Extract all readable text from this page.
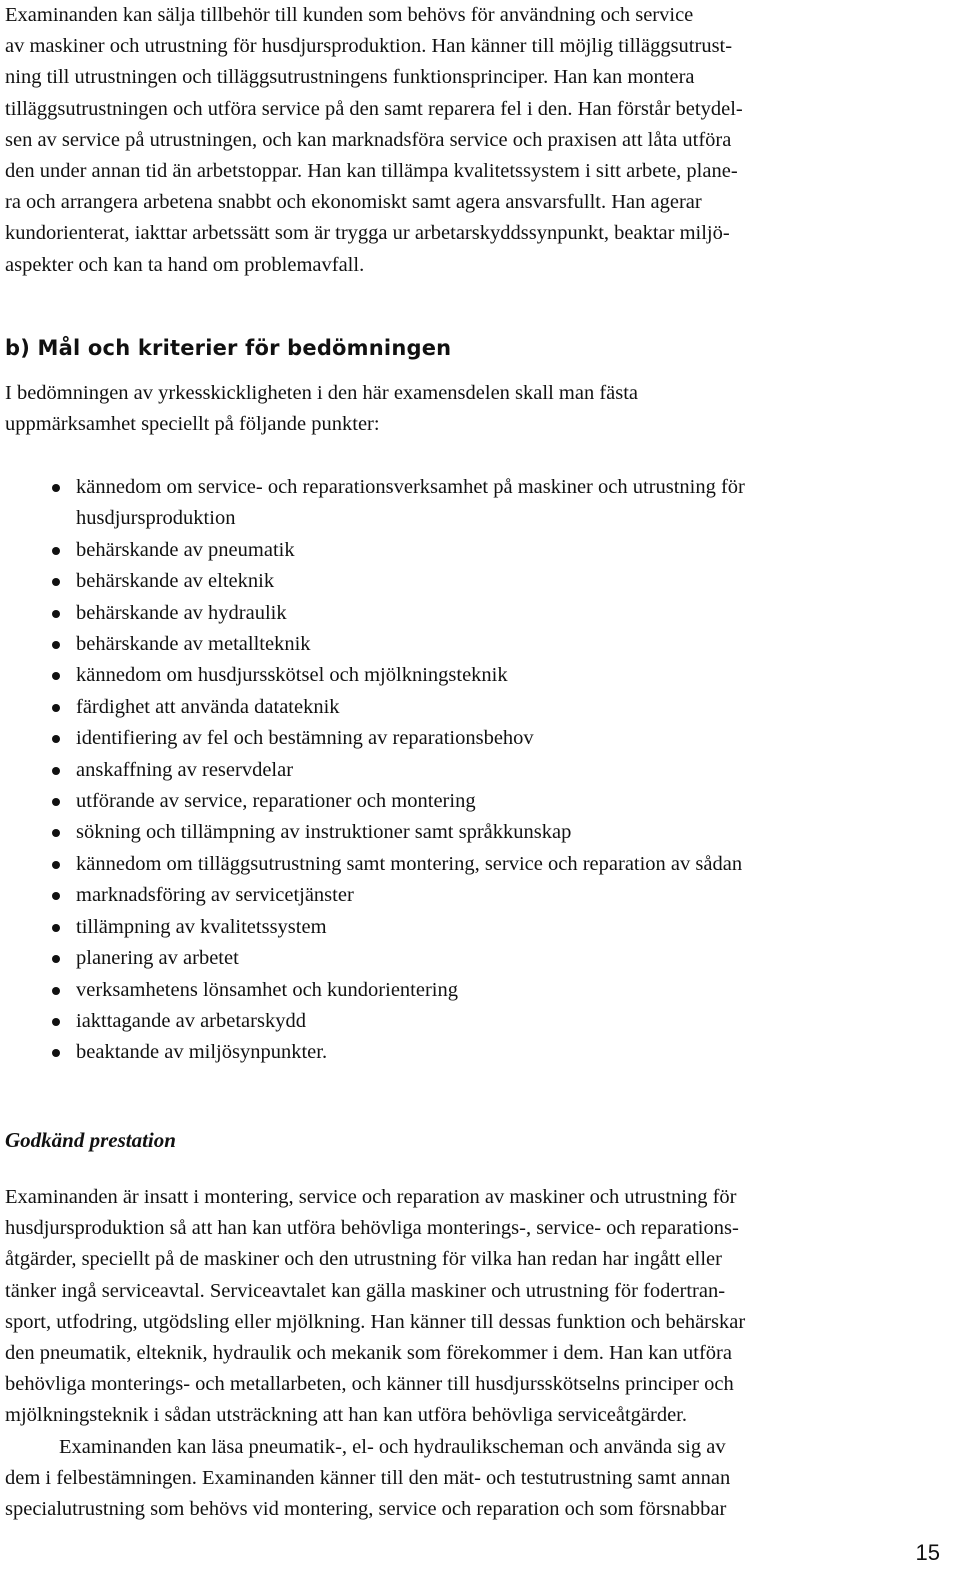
Examinanden kan sälja tillbehör till kunden som behövs för användning och service
av maskiner och utrustning för husdjursproduktion. Han känner till möjlig tilläggsutrust-
ning till utrustningen och tilläggsutrustningens funktionsprinciper. Han kan montera
tilläggsutrustningen och utföra service på den samt reparera fel i den. Han förstår betydel-
sen av service på utrustningen, och kan marknadsföra service och praxisen att låta utföra
den under annan tid än arbetstoppar. Han kan tillämpa kvalitetssystem i sitt arbete, plane-
ra och arrangera arbetena snabbt och ekonomiskt samt agera ansvarsfullt. Han agerar
kundorienterat, iakttar arbetssätt som är trygga ur arbetarskyddssynpunkt, beaktar miljö-
aspekter och kan ta hand om problemavfall.

b) Mål och kriterier för bedömningen

I bedömningen av yrkesskickligheten i den här examensdelen skall man fästa
uppmärksamhet speciellt på följande punkter:

kännedom om service- och reparationsverksamhet på maskiner och utrustning för
husdjursproduktion
behärskande av pneumatik
behärskande av elteknik
behärskande av hydraulik
behärskande av metallteknik
kännedom om husdjursskötsel och mjölkningsteknik
färdighet att använda datateknik
identifiering av fel och bestämning av reparationsbehov
anskaffning av reservdelar
utförande av service, reparationer och montering
sökning och tillämpning av instruktioner samt språkkunskap
kännedom om tilläggsutrustning samt montering, service och reparation av sådan
marknadsföring av servicetjänster
tillämpning av kvalitetssystem
planering av arbetet
verksamhetens lönsamhet och kundorientering
iakttagande av arbetarskydd
beaktande av miljösynpunkter.
Godkänd prestation

Examinanden är insatt i montering, service och reparation av maskiner och utrustning för
husdjursproduktion så att han kan utföra behövliga monterings-, service- och reparations-
åtgärder, speciellt på de maskiner och den utrustning för vilka han redan har ingått eller
tänker ingå serviceavtal. Serviceavtalet kan gälla maskiner och utrustning för fodertran-
sport, utfodring, utgödsling eller mjölkning. Han känner till dessas funktion och behärskar
den pneumatik, elteknik, hydraulik och mekanik som förekommer i dem. Han kan utföra
behövliga monterings- och metallarbeten, och känner till husdjursskötselns principer och
mjölkningsteknik i sådan utsträckning att han kan utföra behövliga serviceåtgärder.

Examinanden kan läsa pneumatik-, el- och hydraulikscheman och använda sig av
dem i felbestämningen. Examinanden känner till den mät- och testutrustning samt annan
specialutrustning som behövs vid montering, service och reparation och som försnabbar

15
